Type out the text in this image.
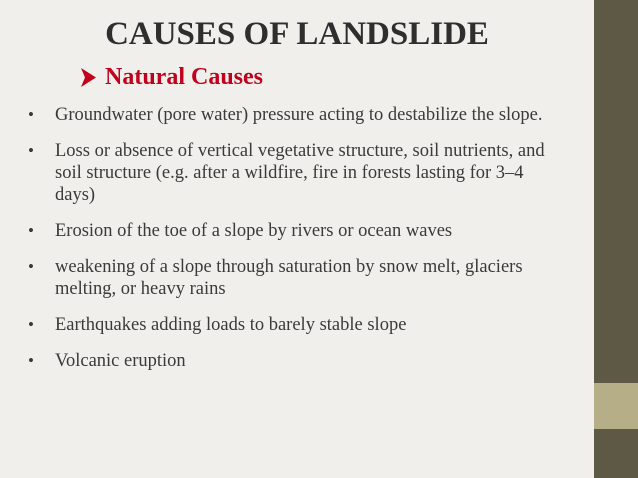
CAUSES OF LANDSLIDE
Natural Causes
•	Groundwater (pore water) pressure acting to destabilize the slope.
•	Loss or absence of vertical vegetative structure, soil nutrients, and soil structure (e.g. after a wildfire, fire in forests lasting for 3–4 days)
•	Erosion of the toe of a slope by rivers or ocean waves
•	weakening of a slope through saturation by snow melt, glaciers melting, or heavy rains
•	Earthquakes adding loads to barely stable slope
•	Volcanic eruption
